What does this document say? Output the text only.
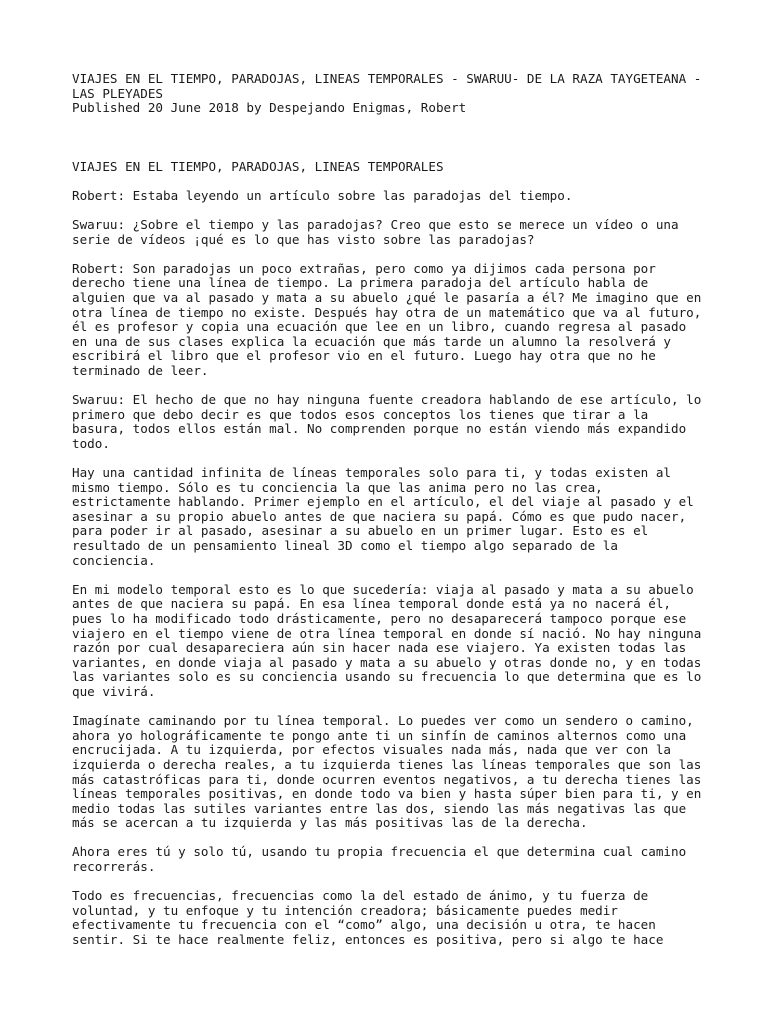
VIAJES EN EL TIEMPO, PARADOJAS, LINEAS TEMPORALES - SWARUU- DE LA RAZA TAYGETEANA -
LAS PLEYADES
Published 20 June 2018 by Despejando Enigmas, Robert
VIAJES EN EL TIEMPO, PARADOJAS, LINEAS TEMPORALES
Robert: Estaba leyendo un artículo sobre las paradojas del tiempo.
Swaruu: ¿Sobre el tiempo y las paradojas? Creo que esto se merece un vídeo o una
serie de vídeos ¡qué es lo que has visto sobre las paradojas?
Robert: Son paradojas un poco extrañas, pero como ya dijimos cada persona por
derecho tiene una línea de tiempo. La primera paradoja del artículo habla de
alguien que va al pasado y mata a su abuelo ¿qué le pasaría a él? Me imagino que en
otra línea de tiempo no existe. Después hay otra de un matemático que va al futuro,
él es profesor y copia una ecuación que lee en un libro, cuando regresa al pasado
en una de sus clases explica la ecuación que más tarde un alumno la resolverá y
escribirá el libro que el profesor vio en el futuro. Luego hay otra que no he
terminado de leer.
Swaruu: El hecho de que no hay ninguna fuente creadora hablando de ese artículo, lo
primero que debo decir es que todos esos conceptos los tienes que tirar a la
basura, todos ellos están mal. No comprenden porque no están viendo más expandido
todo.
Hay una cantidad infinita de líneas temporales solo para ti, y todas existen al
mismo tiempo. Sólo es tu conciencia la que las anima pero no las crea,
estrictamente hablando. Primer ejemplo en el artículo, el del viaje al pasado y el
asesinar a su propio abuelo antes de que naciera su papá. Cómo es que pudo nacer,
para poder ir al pasado, asesinar a su abuelo en un primer lugar. Esto es el
resultado de un pensamiento lineal 3D como el tiempo algo separado de la
conciencia.
En mi modelo temporal esto es lo que sucedería: viaja al pasado y mata a su abuelo
antes de que naciera su papá. En esa línea temporal donde está ya no nacerá él,
pues lo ha modificado todo drásticamente, pero no desaparecerá tampoco porque ese
viajero en el tiempo viene de otra línea temporal en donde sí nació. No hay ninguna
razón por cual desapareciera aún sin hacer nada ese viajero. Ya existen todas las
variantes, en donde viaja al pasado y mata a su abuelo y otras donde no, y en todas
las variantes solo es su conciencia usando su frecuencia lo que determina que es lo
que vivirá.
Imagínate caminando por tu línea temporal. Lo puedes ver como un sendero o camino,
ahora yo holográficamente te pongo ante ti un sinfín de caminos alternos como una
encrucijada. A tu izquierda, por efectos visuales nada más, nada que ver con la
izquierda o derecha reales, a tu izquierda tienes las líneas temporales que son las
más catastróficas para ti, donde ocurren eventos negativos, a tu derecha tienes las
líneas temporales positivas, en donde todo va bien y hasta súper bien para ti, y en
medio todas las sutiles variantes entre las dos, siendo las más negativas las que
más se acercan a tu izquierda y las más positivas las de la derecha.
Ahora eres tú y solo tú, usando tu propia frecuencia el que determina cual camino
recorrerás.
Todo es frecuencias, frecuencias como la del estado de ánimo, y tu fuerza de
voluntad, y tu enfoque y tu intención creadora; básicamente puedes medir
efectivamente tu frecuencia con el “como” algo, una decisión u otra, te hacen
sentir. Si te hace realmente feliz, entonces es positiva, pero si algo te hace
